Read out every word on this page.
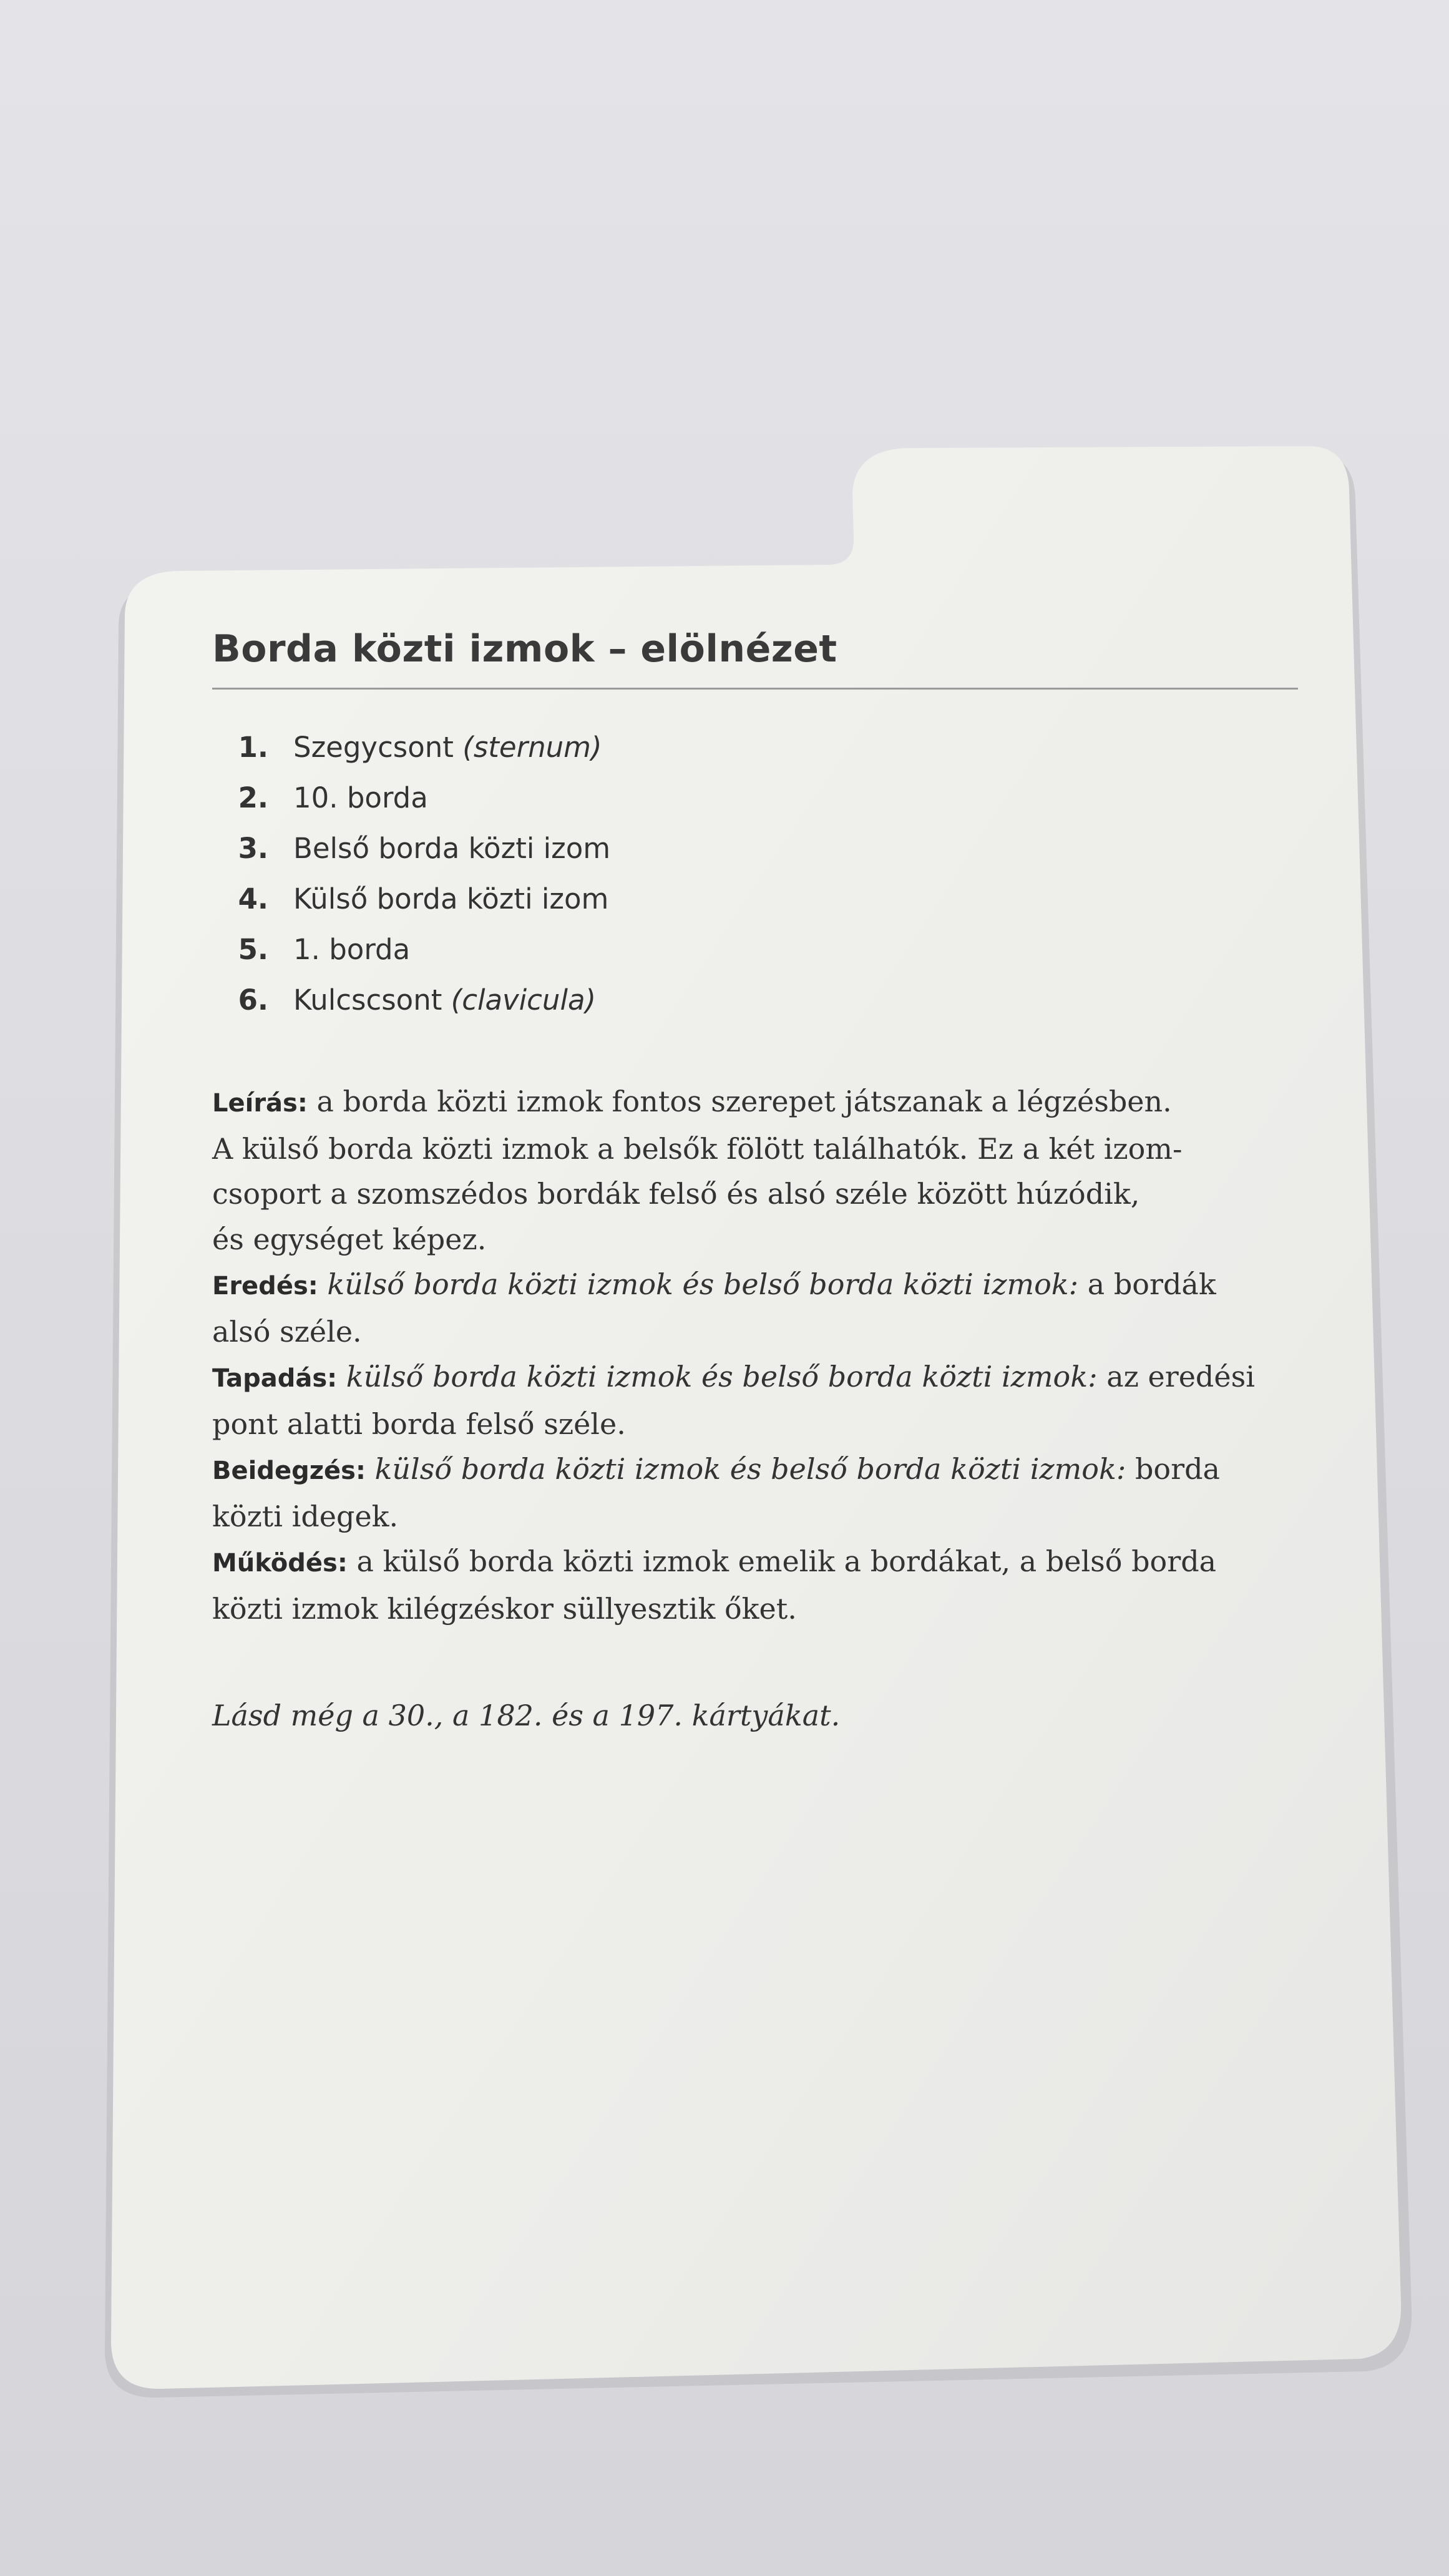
Borda közti izmok – elölnézet
1. Szegycsont (sternum)
2. 10. borda
3. Belső borda közti izom
4. Külső borda közti izom
5. 1. borda
6. Kulcscsont (clavicula)

Leírás: a borda közti izmok fontos szerepet játszanak a légzésben.

A külső borda közti izmok a belsők fölött találhatók. Ez a két izom-

csoport a szomszédos bordák felső és alsó széle között húzódik,

és egységet képez.

Eredés: külső borda közti izmok és belső borda közti izmok: a bordák

alsó széle.

Tapadás: külső borda közti izmok és belső borda közti izmok: az eredési

pont alatti borda felső széle.

Beidegzés: külső borda közti izmok és belső borda közti izmok: borda

közti idegek.

Működés: a külső borda közti izmok emelik a bordákat, a belső borda

közti izmok kilégzéskor süllyesztik őket.

Lásd még a 30., a 182. és a 197. kártyákat.
